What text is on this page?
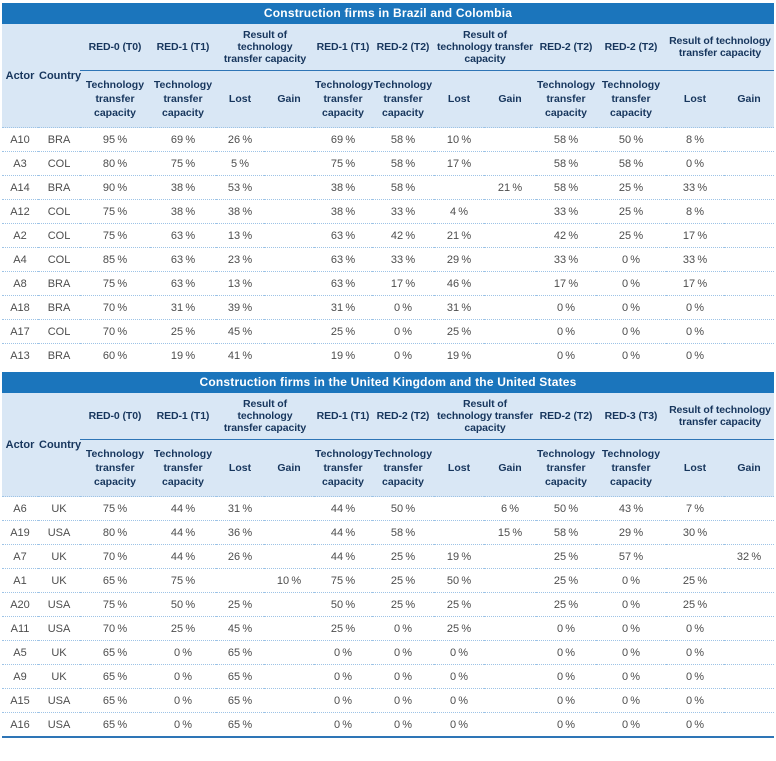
Construction firms in Brazil and Colombia
Actor	Country	RED-0 (T0)	RED-1 (T1)	Result of technology transfer capacity		RED-1 (T1)	RED-2 (T2)	Result of technology transfer capacity		RED-2 (T2)	RED-2 (T2)	Result of technology transfer capacity	
		Technology transfer capacity	Technology transfer capacity	Lost	Gain	Technology transfer capacity	Technology transfer capacity	Lost	Gain	Technology transfer capacity	Technology transfer capacity	Lost	Gain
A10	BRA	95 %	69 %	26 %		69 %	58 %	10 %		58 %	50 %	8 %	
A3	COL	80 %	75 %	5 %		75 %	58 %	17 %		58 %	58 %	0 %	
A14	BRA	90 %	38 %	53 %		38 %	58 %		21 %	58 %	25 %	33 %	
A12	COL	75 %	38 %	38 %		38 %	33 %	4 %		33 %	25 %	8 %	
A2	COL	75 %	63 %	13 %		63 %	42 %	21 %		42 %	25 %	17 %	
A4	COL	85 %	63 %	23 %		63 %	33 %	29 %		33 %	0 %	33 %	
A8	BRA	75 %	63 %	13 %		63 %	17 %	46 %		17 %	0 %	17 %	
A18	BRA	70 %	31 %	39 %		31 %	0 %	31 %		0 %	0 %	0 %	
A17	COL	70 %	25 %	45 %		25 %	0 %	25 %		0 %	0 %	0 %	
A13	BRA	60 %	19 %	41 %		19 %	0 %	19 %		0 %	0 %	0 %	
Construction firms in the United Kingdom and the United States
Actor	Country	RED-0 (T0)	RED-1 (T1)	Result of technology transfer capacity		RED-1 (T1)	RED-2 (T2)	Result of technology transfer capacity		RED-2 (T2)	RED-3 (T3)	Result of technology transfer capacity	
		Technology transfer capacity	Technology transfer capacity	Lost	Gain	Technology transfer capacity	Technology transfer capacity	Lost	Gain	Technology transfer capacity	Technology transfer capacity	Lost	Gain
A6	UK	75 %	44 %	31 %		44 %	50 %		6 %	50 %	43 %	7 %	
A19	USA	80 %	44 %	36 %		44 %	58 %		15 %	58 %	29 %	30 %	
A7	UK	70 %	44 %	26 %		44 %	25 %	19 %		25 %	57 %		32 %
A1	UK	65 %	75 %		10 %	75 %	25 %	50 %		25 %	0 %	25 %	
A20	USA	75 %	50 %	25 %		50 %	25 %	25 %		25 %	0 %	25 %	
A11	USA	70 %	25 %	45 %		25 %	0 %	25 %		0 %	0 %	0 %	
A5	UK	65 %	0 %	65 %		0 %	0 %	0 %		0 %	0 %	0 %	
A9	UK	65 %	0 %	65 %		0 %	0 %	0 %		0 %	0 %	0 %	
A15	USA	65 %	0 %	65 %		0 %	0 %	0 %		0 %	0 %	0 %	
A16	USA	65 %	0 %	65 %		0 %	0 %	0 %		0 %	0 %	0 %	
